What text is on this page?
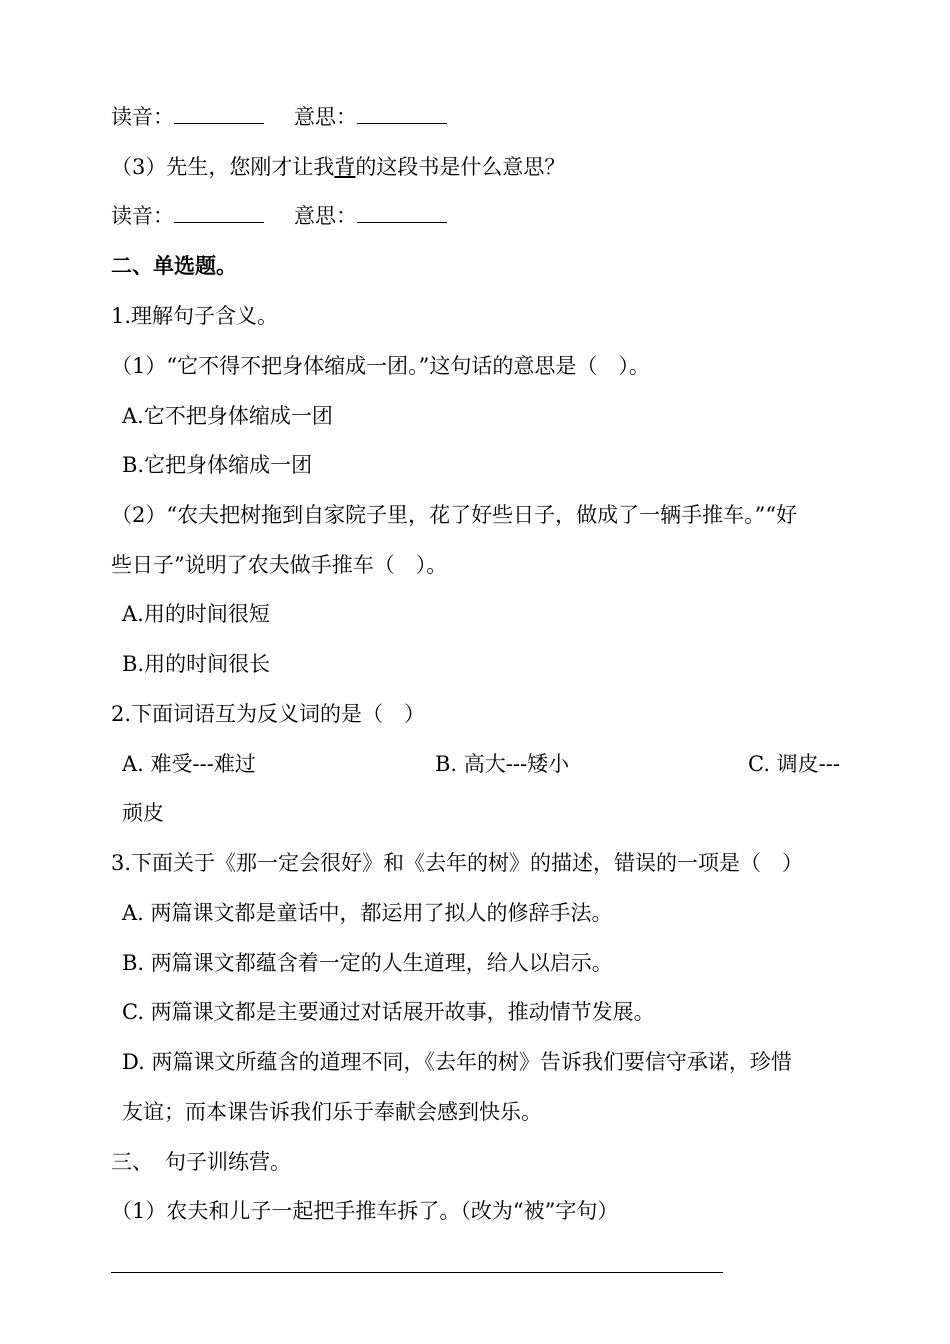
读音：	意思：
（3）先生，您刚才让我背的这段书是什么意思？
读音：	意思：
二、单选题。
1.理解句子含义。
（1）“它不得不把身体缩成一团。”这句话的意思是（　）。
A.它不把身体缩成一团
B.它把身体缩成一团
（2）“农夫把树拖到自家院子里，花了好些日子，做成了一辆手推车。”“好
些日子”说明了农夫做手推车（　）。
A.用的时间很短
B.用的时间很长
2.下面词语互为反义词的是（　）
A. 难受---难过	B. 高大---矮小	C. 调皮---
顽皮
3.下面关于《那一定会很好》和《去年的树》的描述，错误的一项是（　）
A. 两篇课文都是童话中，都运用了拟人的修辞手法。
B. 两篇课文都蕴含着一定的人生道理，给人以启示。
C. 两篇课文都是主要通过对话展开故事，推动情节发展。
D. 两篇课文所蕴含的道理不同，《去年的树》告诉我们要信守承诺，珍惜
友谊；而本课告诉我们乐于奉献会感到快乐。
三、 句子训练营。
（1）农夫和儿子一起把手推车拆了。（改为“被”字句）
